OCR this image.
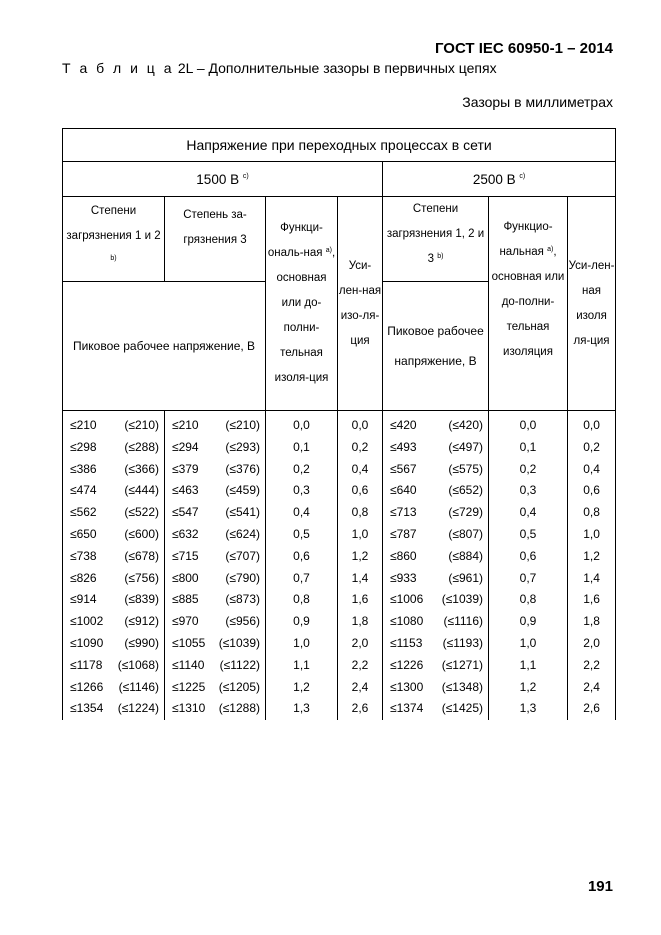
ГОСТ IEC 60950-1 – 2014
Т а б л и ц а 2L – Дополнительные зазоры в первичных цепях
Зазоры в миллиметрах
Напряжение при переходных процессах в сети									
1500 В $^{c)}$						2500 В $^{c)}$
Степени загрязнения 1 и 2 $^{b)}$		Степень за-грязнения 3		Функци-ональ-ная $^{a)}$, основная или до-полни-тельная изоля-ция	Уси-лен-ная изо-ля-ция	Степени загрязнения 1, 2 и 3 $^{b)}$		Функцио-нальная $^{a)}$, основная или до-полни-тельная изоляция	Уси-лен-ная изоля ля-ция
Пиковое рабочее напряжение, В						Пиковое рабочее напряжение, В			
≤210	(≤210)	≤210	(≤210)	0,0	0,0	≤420	(≤420)	0,0	0,0
≤298	(≤288)	≤294	(≤293)	0,1	0,2	≤493	(≤497)	0,1	0,2
≤386	(≤366)	≤379	(≤376)	0,2	0,4	≤567	(≤575)	0,2	0,4
≤474	(≤444)	≤463	(≤459)	0,3	0,6	≤640	(≤652)	0,3	0,6
≤562	(≤522)	≤547	(≤541)	0,4	0,8	≤713	(≤729)	0,4	0,8
≤650	(≤600)	≤632	(≤624)	0,5	1,0	≤787	(≤807)	0,5	1,0
≤738	(≤678)	≤715	(≤707)	0,6	1,2	≤860	(≤884)	0,6	1,2
≤826	(≤756)	≤800	(≤790)	0,7	1,4	≤933	(≤961)	0,7	1,4
≤914	(≤839)	≤885	(≤873)	0,8	1,6	≤1006	(≤1039)	0,8	1,6
≤1002	(≤912)	≤970	(≤956)	0,9	1,8	≤1080	(≤1116)	0,9	1,8
≤1090	(≤990)	≤1055	(≤1039)	1,0	2,0	≤1153	(≤1193)	1,0	2,0
≤1178	(≤1068)	≤1140	(≤1122)	1,1	2,2	≤1226	(≤1271)	1,1	2,2
≤1266	(≤1146)	≤1225	(≤1205)	1,2	2,4	≤1300	(≤1348)	1,2	2,4
≤1354	(≤1224)	≤1310	(≤1288)	1,3	2,6	≤1374	(≤1425)	1,3	2,6
191
